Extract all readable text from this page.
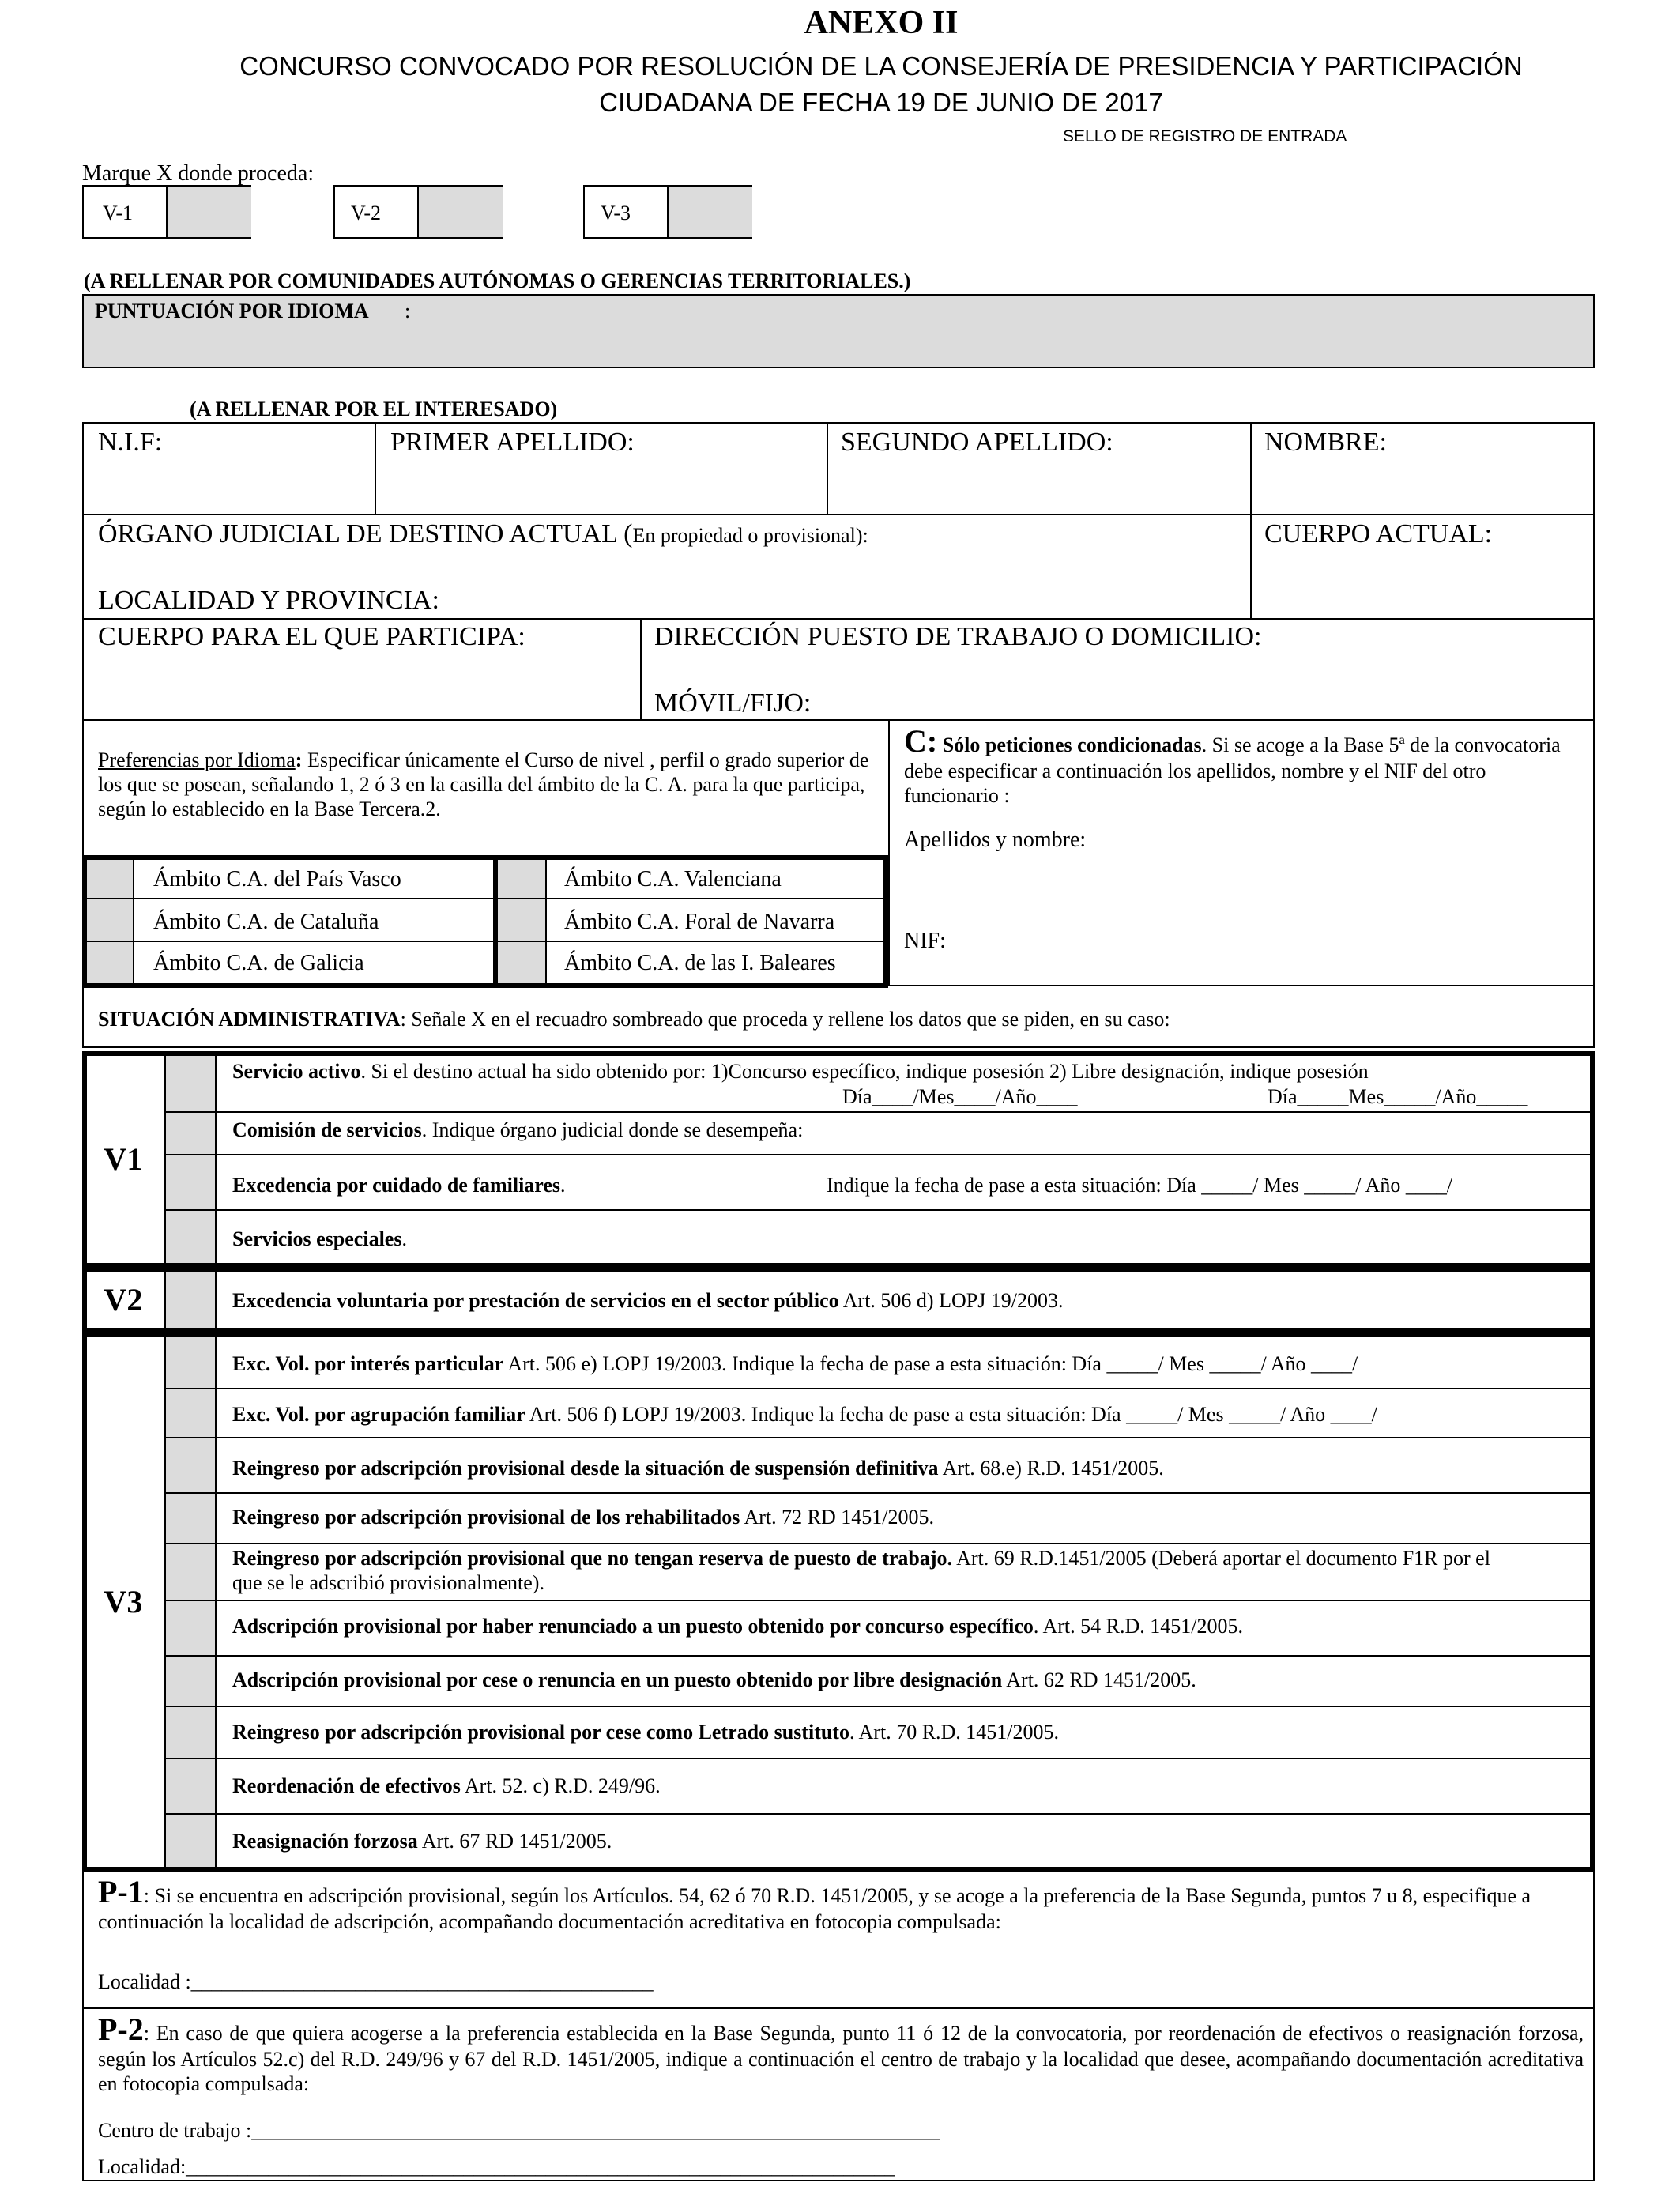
ANEXO II
CONCURSO CONVOCADO POR RESOLUCIÓN DE LA CONSEJERÍA DE PRESIDENCIA Y PARTICIPACIÓN
CIUDADANA DE FECHA 19 DE JUNIO DE 2017
SELLO DE REGISTRO DE ENTRADA
Marque X donde proceda:
V-1	V-2	V-3
(A RELLENAR POR COMUNIDADES AUTÓNOMAS O GERENCIAS TERRITORIALES.)
PUNTUACIÓN POR IDIOMA :
(A RELLENAR POR EL INTERESADO)
N.I.F:	PRIMER APELLIDO:	SEGUNDO APELLIDO:	NOMBRE:
ÓRGANO JUDICIAL DE DESTINO ACTUAL (En propiedad o provisional):	CUERPO ACTUAL:
LOCALIDAD Y PROVINCIA:
CUERPO PARA EL QUE PARTICIPA:	DIRECCIÓN PUESTO DE TRABAJO O DOMICILIO:
MÓVIL/FIJO:
Preferencias por Idioma: Especificar únicamente el Curso de nivel , perfil o grado superior de los que se posean, señalando 1, 2 ó 3 en la casilla del ámbito de la C. A. para la que participa, según lo establecido en la Base Tercera.2.
Ámbito C.A. del País Vasco
Ámbito C.A. de Cataluña
Ámbito C.A. de Galicia
Ámbito C.A. Valenciana
Ámbito C.A. Foral de Navarra
Ámbito C.A. de las I. Baleares
C: Sólo peticiones condicionadas. Si se acoge a la Base 5ª de la convocatoria debe especificar a continuación los apellidos, nombre y el NIF del otro funcionario :
Apellidos y nombre:
NIF:
SITUACIÓN ADMINISTRATIVA: Señale X en el recuadro sombreado que proceda y rellene los datos que se piden, en su caso:
V1
Servicio activo. Si el destino actual ha sido obtenido por: 1)Concurso específico, indique posesión 2) Libre designación, indique posesión
Día____/Mes____/Año____	Día_____Mes_____/Año_____
Comisión de servicios. Indique órgano judicial donde se desempeña:
Excedencia por cuidado de familiares.	Indique la fecha de pase a esta situación: Día _____/ Mes _____/ Año ____/
Servicios especiales.
V2	Excedencia voluntaria por prestación de servicios en el sector público Art. 506 d) LOPJ 19/2003.
V3
Exc. Vol. por interés particular Art. 506 e) LOPJ 19/2003. Indique la fecha de pase a esta situación: Día _____/ Mes _____/ Año ____/
Exc. Vol. por agrupación familiar Art. 506 f) LOPJ 19/2003. Indique la fecha de pase a esta situación: Día _____/ Mes _____/ Año ____/
Reingreso por adscripción provisional desde la situación de suspensión definitiva Art. 68.e) R.D. 1451/2005.
Reingreso por adscripción provisional de los rehabilitados Art. 72 RD 1451/2005.
Reingreso por adscripción provisional que no tengan reserva de puesto de trabajo. Art. 69 R.D.1451/2005 (Deberá aportar el documento F1R por el que se le adscribió provisionalmente).
Adscripción provisional por haber renunciado a un puesto obtenido por concurso específico. Art. 54 R.D. 1451/2005.
Adscripción provisional por cese o renuncia en un puesto obtenido por libre designación Art. 62 RD 1451/2005.
Reingreso por adscripción provisional por cese como Letrado sustituto. Art. 70 R.D. 1451/2005.
Reordenación de efectivos Art. 52. c) R.D. 249/96.
Reasignación forzosa Art. 67 RD 1451/2005.
P-1: Si se encuentra en adscripción provisional, según los Artículos. 54, 62 ó 70 R.D. 1451/2005, y se acoge a la preferencia de la Base Segunda, puntos 7 u 8, especifique a continuación la localidad de adscripción, acompañando documentación acreditativa en fotocopia compulsada:
Localidad :_____________________________________________
P-2: En caso de que quiera acogerse a la preferencia establecida en la Base Segunda, punto 11 ó 12 de la convocatoria, por reordenación de efectivos o reasignación forzosa, según los Artículos 52.c) del R.D. 249/96 y 67 del R.D. 1451/2005, indique a continuación el centro de trabajo y la localidad que desee, acompañando documentación acreditativa en fotocopia compulsada:
Centro de trabajo :___________________________________________________________________
Localidad:_____________________________________________________________________
